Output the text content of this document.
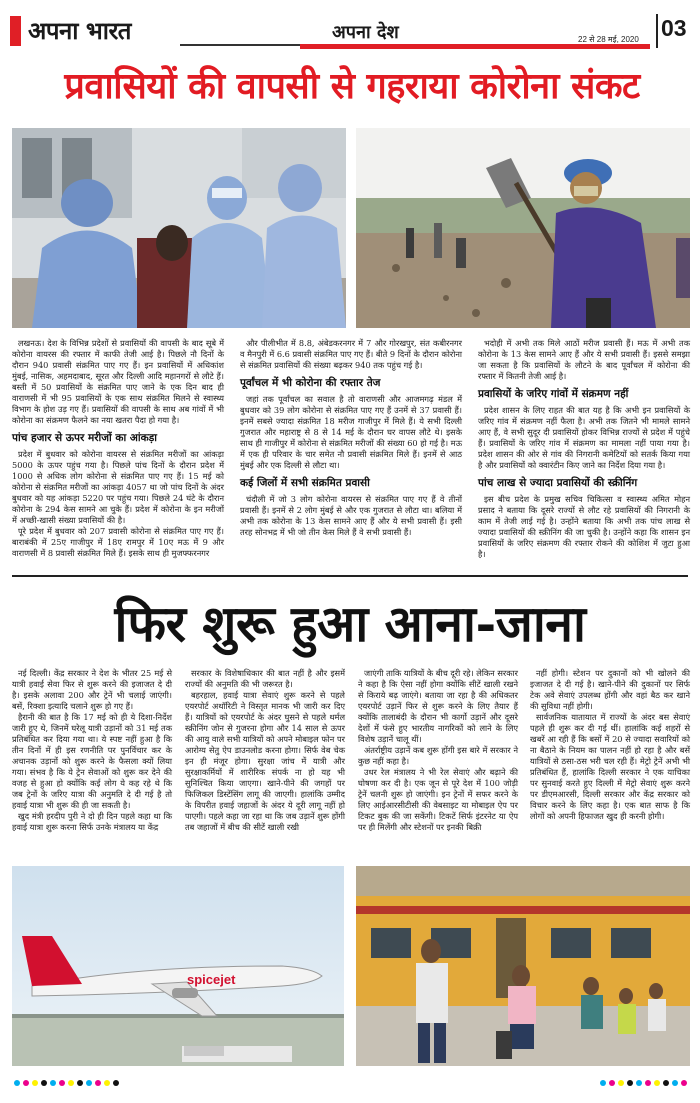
अपना भारत	अपना देश	22 से 28 मई, 2020 03
प्रवासियों की वापसी से गहराया कोरोना संकट

लखनऊ। देश के विभिन्न प्रदेशों से प्रवासियों की वापसी के बाद सूबे में कोरोना वायरस की रफ्तार में काफी तेजी आई है। पिछले नौ दिनों के दौरान 940 प्रवासी संक्रमित पाए गए हैं। इन प्रवासियों में अधिकांश मुंबई, नासिक, अहमदाबाद, सूरत और दिल्ली आदि महानगरों से लौटे हैं। बस्ती में 50 प्रवासियों के संक्रमित पाए जाने के एक दिन बाद ही वाराणसी में भी 95 प्रवासियों के एक साथ संक्रमित मिलने से स्वास्थ्य विभाग के होश उड़ गए हैं। प्रवासियों की वापसी के साथ अब गांवों में भी कोरोना का संक्रमण फैलने का नया खतरा पैदा हो गया है।

पांच हजार से ऊपर मरीजों का आंकड़ा

प्रदेश में बुधवार को कोरोना वायरस से संक्रमित मरीजों का आंकड़ा 5000 के ऊपर पहुंच गया है। पिछले पांच दिनों के दौरान प्रदेश में 1000 से अधिक लोग कोरोना से संक्रमित पाए गए हैं। 15 मई को कोरोना से संक्रमित मरीजों का आंकड़ा 4057 था जो पांच दिनों के अंदर बुधवार को यह आंकड़ा 5220 पर पहुंच गया। पिछले 24 घंटे के दौरान कोरोना के 294 केस सामने आ चुके हैं। प्रदेश में कोरोना के इन मरीजों में अच्छी-खासी संख्या प्रवासियों की है।

पूरे प्रदेश में बुधवार को 207 प्रवासी कोरोना से संक्रमित पाए गए हैं। बाराबंकी में 25ए गाजीपुर में 18ए रामपुर में 10ए मऊ में 9 और वाराणसी में 8 प्रवासी संक्रमित मिले हैं। इसके साथ ही मुजफ्फरनगर

और पीलीभीत में 8.8, अंबेडकरनगर में 7 और गोरखपुर, संत कबीरनगर व मैनपुरी में 6.6 प्रवासी संक्रमित पाए गए हैं। बीते 9 दिनों के दौरान कोरोना से संक्रमित प्रवासियों की संख्या बढ़कर 940 तक पहुंच गई है।

पूर्वांचल में भी कोरोना की रफ्तार तेज

जहां तक पूर्वांचल का सवाल है तो वाराणसी और आजमगढ़ मंडल में बुधवार को 39 लोग कोरोना से संक्रमित पाए गए हैं उनमें से 37 प्रवासी हैं। इनमें सबसे ज्यादा संक्रमित 18 मरीज गाजीपुर में मिले हैं। ये सभी दिल्ली गुजरात और महाराष्ट्र से 8 से 14 मई के दौरान घर वापस लौटे थे। इसके साथ ही गाजीपुर में कोरोना से संक्रमित मरीजों की संख्या 60 हो गई है। मऊ में एक ही परिवार के चार समेत नौ प्रवासी संक्रमित मिले हैं। इनमें से आठ मुंबई और एक दिल्ली से लौटा था।

कई जिलों में सभी संक्रमित प्रवासी

चंदौली में जो 3 लोग कोरोना वायरस से संक्रमित पाए गए हैं वे तीनों प्रवासी हैं। इनमें से 2 लोग मुंबई से और एक गुजरात से लौटा था। बलिया में अभी तक कोरोना के 13 केस सामने आए हैं और ये सभी प्रवासी हैं। इसी तरह सोनभद्र में भी जो तीन केस मिले हैं वे सभी प्रवासी हैं।

भदोही में अभी तक मिले आठों मरीज प्रवासी हैं। मऊ में अभी तक कोरोना के 13 केस सामने आए हैं और ये सभी प्रवासी हैं। इससे समझा जा सकता है कि प्रवासियों के लौटने के बाद पूर्वांचल में कोरोना की रफ्तार में कितनी तेजी आई है।

प्रवासियों के जरिए गांवों में संक्रमण नहीं

प्रदेश शासन के लिए राहत की बात यह है कि अभी इन प्रवासियों के जरिए गांव में संक्रमण नहीं फैला है। अभी तक जितने भी मामले सामने आए हैं, वे सभी सुदूर दी प्रवासियों होकर विभिन्न राज्यों से प्रदेश में पहुंचे हैं। प्रवासियों के जरिए गांव में संक्रमण का मामला नहीं पाया गया है। प्रदेश शासन की ओर से गांव की निगरानी कमेटियों को सतर्क किया गया है और प्रवासियों को क्वारंटीन किए जाने का निर्देश दिया गया है।

पांच लाख से ज्यादा प्रवासियों की स्क्रीनिंग

इस बीच प्रदेश के प्रमुख सचिव चिकित्सा व स्वास्थ्य अमित मोहन प्रसाद ने बताया कि दूसरे राज्यों से लौट रहे प्रवासियों की निगरानी के काम में तेजी लाई गई है। उन्होंने बताया कि अभी तक पांच लाख से ज्यादा प्रवासियों की स्क्रीनिंग की जा चुकी है। उन्होंने कहा कि शासन इन प्रवासियों के जरिए संक्रमण की रफ्तार रोकने की कोशिश में जुटा हुआ है।

फिर शुरू हुआ आना-जाना

नई दिल्ली। केंद्र सरकार ने देश के भीतर 25 मई से यात्री हवाई सेवा फिर से शुरू करने की इजाजत दे दी है। इसके अलावा 200 और ट्रेनें भी चलाई जाएंगी। बसें, रिक्शा इत्यादि चलाने शुरू हो गए हैं।

हैरानी की बात है कि 17 मई को ही ये दिशा-निर्देश जारी हुए थे, जिनमें घरेलू यात्री उड़ानों को 31 मई तक प्रतिबंधित कर दिया गया था। ये स्पष्ट नहीं हुआ है कि तीन दिनों में ही इस रणनीति पर पुनर्विचार कर के अचानक उड़ानों को शुरू करने के फैसला क्यों लिया गया। संभव है कि ये ट्रेन सेवाओं को शुरू कर देने की वजह से हुआ हो क्योंकि कई लोग ये कह रहे थे कि जब ट्रेनों के जरिए यात्रा की अनुमति दे दी गई है तो हवाई यात्रा भी शुरू की ही जा सकती है।

खुद मंत्री हरदीप पुरी ने दो ही दिन पहले कहा था कि हवाई यात्रा शुरू करना सिर्फ उनके मंत्रालय या केंद्र

सरकार के विशेषाधिकार की बात नहीं है और इसमें राज्यों की अनुमति की भी जरूरत है।

बहरहाल, हवाई यात्रा सेवाएं शुरू करने से पहले एयरपोर्ट अथॉरिटी ने विस्तृत मानक भी जारी कर दिए हैं। यात्रियों को एयरपोर्ट के अंदर घुसने से पहले थर्मल स्क्रीनिंग जोन से गुजरना होगा और 14 साल से ऊपर की आयु वाले सभी यात्रियों को अपने मोबाइल फोन पर आरोग्य सेतु ऐप डाउनलोड करना होगा। सिर्फ वेब चेक इन ही मंजूर होगा। सुरक्षा जांच में यात्री और सुरक्षाकर्मियों में शारीरिक संपर्क ना हो यह भी सुनिश्चित किया जाएगा। खाने-पीने की जगहों पर फिजिकल डिस्टेंसिंग लागू की जाएगी। हालांकि उम्मीद के विपरीत हवाई जहाजों के अंदर ये दूरी लागू नहीं हो पाएगी। पहले कहा जा रहा था कि जब उड़ानें शुरू होंगी तब जहाजों में बीच की सीटें खाली रखी

जाएंगी ताकि यात्रियों के बीच दूरी रहे। लेकिन सरकार ने कहा है कि ऐसा नहीं होगा क्योंकि सीटें खाली रखने से किराये बढ़ जाएंगे। बताया जा रहा है की अधिकतर एयरपोर्ट उड़ानें फिर से शुरू करने के लिए तैयार हैं क्योंकि तालाबंदी के दौरान भी कार्गो उड़ानें और दूसरे देशों में फंसे हुए भारतीय नागरिकों को लाने के लिए विशेष उड़ानें चालू थीं।

अंतर्राष्ट्रीय उड़ानें कब शुरू होंगी इस बारे में सरकार ने कुछ नहीं कहा है।

उधर रेल मंत्रालय ने भी रेल सेवाएं और बढ़ाने की घोषणा कर दी है। एक जून से पूरे देश में 100 जोड़ी ट्रेनें चलनी शुरू हो जाएंगी। इन ट्रेनों में सफर करने के लिए आईआरसीटीसी की वेबसाइट या मोबाइल ऐप पर टिकट बुक की जा सकेंगी। टिकटें सिर्फ इंटरनेट या ऐप पर ही मिलेंगी और स्टेशनों पर इनकी बिक्री

नहीं होगी। स्टेशन पर दुकानों को भी खोलने की इजाजत दे दी गई है। खाने-पीने की दुकानों पर सिर्फ टेक अवे सेवाएं उपलब्ध होंगी और वहां बैठ कर खाने की सुविधा नहीं होगी।

सार्वजनिक यातायात में राज्यों के अंदर बस सेवाएं पहले ही शुरू कर दी गई थीं। हालांकि कई शहरों से खबरें आ रही हैं कि बसों में 20 से ज्यादा सवारियों को ना बैठाने के नियम का पालन नहीं हो रहा है और बसें यात्रियों से ठसा-ठस भरी चल रही हैं। मेट्रो ट्रेनें अभी भी प्रतिबंधित हैं, हालांकि दिल्ली सरकार ने एक याचिका पर सुनवाई करते हुए दिल्ली में मेट्रो सेवाएं शुरू करने पर डीएमआरसी, दिल्ली सरकार और केंद्र सरकार को विचार करने के लिए कहा है। एक बात साफ है कि लोगों को अपनी हिफाजत खुद ही करनी होगी।

spicejet
